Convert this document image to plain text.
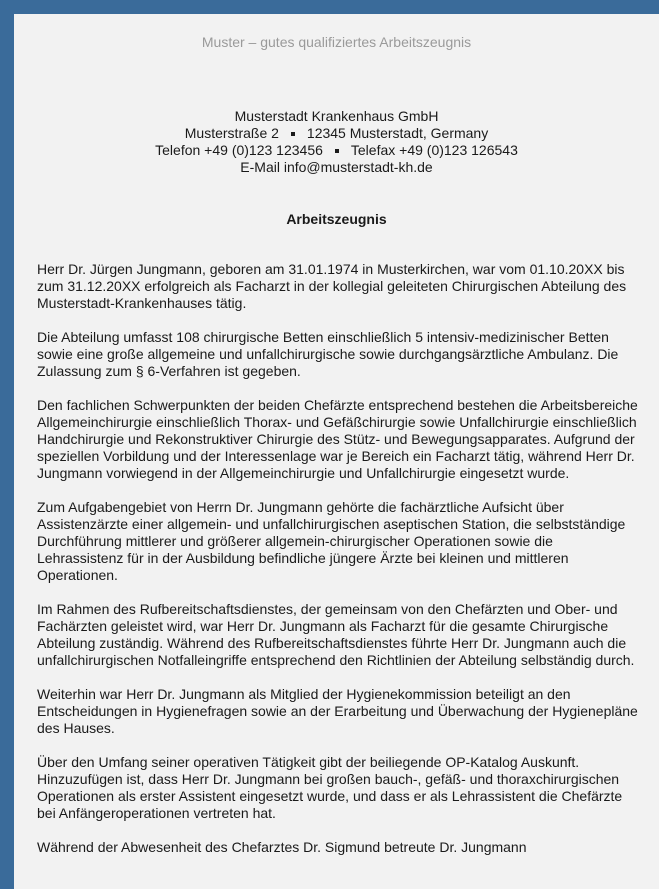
Muster – gutes qualifiziertes Arbeitszeugnis
Musterstadt Krankenhaus GmbH
Musterstraße 2 12345 Musterstadt, Germany
Telefon +49 (0)123 123456 Telefax +49 (0)123 126543
E-Mail info@musterstadt-kh.de
Arbeitszeugnis

Herr Dr. Jürgen Jungmann, geboren am 31.01.1974 in Musterkirchen, war vom 01.10.20XX bis zum 31.12.20XX erfolgreich als Facharzt in der kollegial geleiteten Chirurgischen Abteilung des Musterstadt-Krankenhauses tätig.

Die Abteilung umfasst 108 chirurgische Betten einschließlich 5 intensiv-medizinischer Betten sowie eine große allgemeine und unfallchirurgische sowie durchgangsärztliche Ambulanz. Die Zulassung zum § 6-Verfahren ist gegeben.

Den fachlichen Schwerpunkten der beiden Chefärzte entsprechend bestehen die Arbeitsbereiche Allgemeinchirurgie einschließlich Thorax- und Gefäßchirurgie sowie Unfallchirurgie einschließlich Handchirurgie und Rekonstruktiver Chirurgie des Stütz- und Bewegungsapparates. Aufgrund der speziellen Vorbildung und der Interessenlage war je Bereich ein Facharzt tätig, während Herr Dr. Jungmann vorwiegend in der Allgemeinchirurgie und Unfallchirurgie eingesetzt wurde.

Zum Aufgabengebiet von Herrn Dr. Jungmann gehörte die fachärztliche Aufsicht über Assistenzärzte einer allgemein- und unfallchirurgischen aseptischen Station, die selbstständige Durchführung mittlerer und größerer allgemein-chirurgischer Operationen sowie die Lehrassistenz für in der Ausbildung befindliche jüngere Ärzte bei kleinen und mittleren Operationen.

Im Rahmen des Rufbereitschaftsdienstes, der gemeinsam von den Chefärzten und Ober- und Fachärzten geleistet wird, war Herr Dr. Jungmann als Facharzt für die gesamte Chirurgische Abteilung zuständig. Während des Rufbereitschaftsdienstes führte Herr Dr. Jungmann auch die unfallchirurgischen Notfalleingriffe entsprechend den Richtlinien der Abteilung selbständig durch.

Weiterhin war Herr Dr. Jungmann als Mitglied der Hygienekommission beteiligt an den Entscheidungen in Hygienefragen sowie an der Erarbeitung und Überwachung der Hygienepläne des Hauses.

Über den Umfang seiner operativen Tätigkeit gibt der beiliegende OP-Katalog Auskunft. Hinzuzufügen ist, dass Herr Dr. Jungmann bei großen bauch-, gefäß- und thoraxchirurgischen Operationen als erster Assistent eingesetzt wurde, und dass er als Lehrassistent die Chefärzte bei Anfängeroperationen vertreten hat.

Während der Abwesenheit des Chefarztes Dr. Sigmund betreute Dr. Jungmann
